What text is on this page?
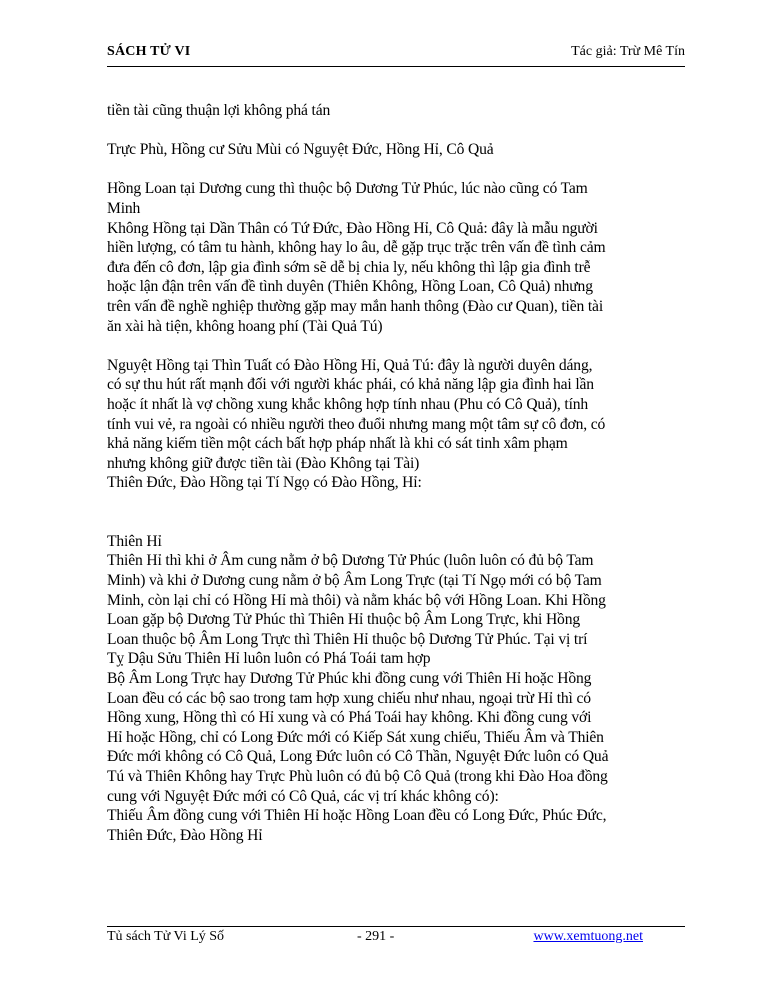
SÁCH TỬ VI	Tác giả: Trừ Mê Tín

tiền tài cũng thuận lợi không phá tán

Trực Phù, Hồng cư Sửu Mùi có Nguyệt Đức, Hồng Hỉ, Cô Quả

Hồng Loan tại Dương cung thì thuộc bộ Dương Tử Phúc, lúc nào cũng có Tam

Minh

Không Hồng tại Dần Thân có Tứ Đức, Đào Hồng Hỉ, Cô Quả: đây là mẫu người

hiền lượng, có tâm tu hành, không hay lo âu, dễ gặp trục trặc trên vấn đề tình cảm

đưa đến cô đơn, lập gia đình sớm sẽ dễ bị chia ly, nếu không thì lập gia đình trễ

hoặc lận đận trên vấn đề tình duyên (Thiên Không, Hồng Loan, Cô Quả) nhưng

trên vấn đề nghề nghiệp thường gặp may mắn hanh thông (Đào cư Quan), tiền tài

ăn xài hà tiện, không hoang phí (Tài Quả Tú)

Nguyệt Hồng tại Thìn Tuất có Đào Hồng Hỉ, Quả Tú: đây là người duyên dáng,

có sự thu hút rất mạnh đối với người khác phái, có khả năng lập gia đình hai lần

hoặc ít nhất là vợ chồng xung khắc không hợp tính nhau (Phu có Cô Quả), tính

tính vui vẻ, ra ngoài có nhiều người theo đuổi nhưng mang một tâm sự cô đơn, có

khả năng kiếm tiền một cách bất hợp pháp nhất là khi có sát tinh xâm phạm

nhưng không giữ được tiền tài (Đào Không tại Tài)

Thiên Đức, Đào Hồng tại Tí Ngọ có Đào Hồng, Hỉ:

Thiên Hỉ

Thiên Hỉ thì khi ở Âm cung nằm ở bộ Dương Tử Phúc (luôn luôn có đủ bộ Tam

Minh) và khi ở Dương cung nằm ở bộ Âm Long Trực (tại Tí Ngọ mới có bộ Tam

Minh, còn lại chỉ có Hồng Hỉ mà thôi) và nằm khác bộ với Hồng Loan. Khi Hồng

Loan gặp bộ Dương Tử Phúc thì Thiên Hỉ thuộc bộ Âm Long Trực, khi Hồng

Loan thuộc bộ Âm Long Trực thì Thiên Hỉ thuộc bộ Dương Tử Phúc. Tại vị trí

Tỵ Dậu Sửu Thiên Hỉ luôn luôn có Phá Toái tam hợp

Bộ Âm Long Trực hay Dương Tử Phúc khi đồng cung với Thiên Hỉ hoặc Hồng

Loan đều có các bộ sao trong tam hợp xung chiếu như nhau, ngoại trừ Hỉ thì có

Hồng xung, Hồng thì có Hỉ xung và có Phá Toái hay không. Khi đồng cung với

Hỉ hoặc Hồng, chỉ có Long Đức mới có Kiếp Sát xung chiếu, Thiếu Âm và Thiên

Đức mới không có Cô Quả, Long Đức luôn có Cô Thần, Nguyệt Đức luôn có Quả

Tú và Thiên Không hay Trực Phù luôn có đủ bộ Cô Quả (trong khi Đào Hoa đồng

cung với Nguyệt Đức mới có Cô Quả, các vị trí khác không có):

Thiếu Âm đồng cung với Thiên Hỉ hoặc Hồng Loan đều có Long Đức, Phúc Đức,

Thiên Đức, Đào Hồng Hỉ

Tủ sách Tử Vi Lý Số	- 291 -	www.xemtuong.net
